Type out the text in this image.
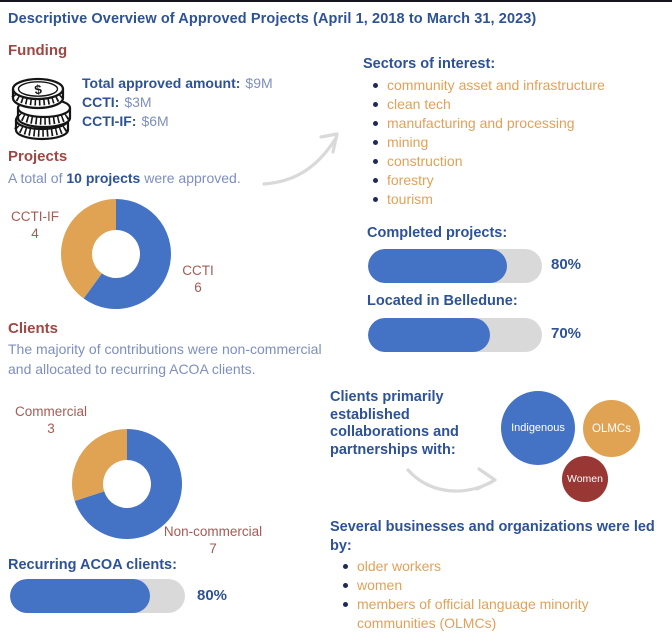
Descriptive Overview of Approved Projects (April 1, 2018 to March 31, 2023)
Funding
$	Total approved amount: $9M
CCTI: $3M
CCTI-IF: $6M
Projects

A total of 10 projects were approved.

CCTI-IF
4
CCTI
6
Clients

The majority of contributions were non-commercial and allocated to recurring ACOA clients.

Commercial
3
Non-commercial
7
Recurring ACOA clients:
80%
Sectors of interest:
community asset and infrastructure
clean tech
manufacturing and processing
mining
construction
forestry
tourism
Completed projects:
80%
Located in Belledune:
70%
Clients primarily established collaborations and partnerships with:
Indigenous OLMCs
Women
Several businesses and organizations were led by:
older workers
women
members of official language minority communities (OLMCs)
